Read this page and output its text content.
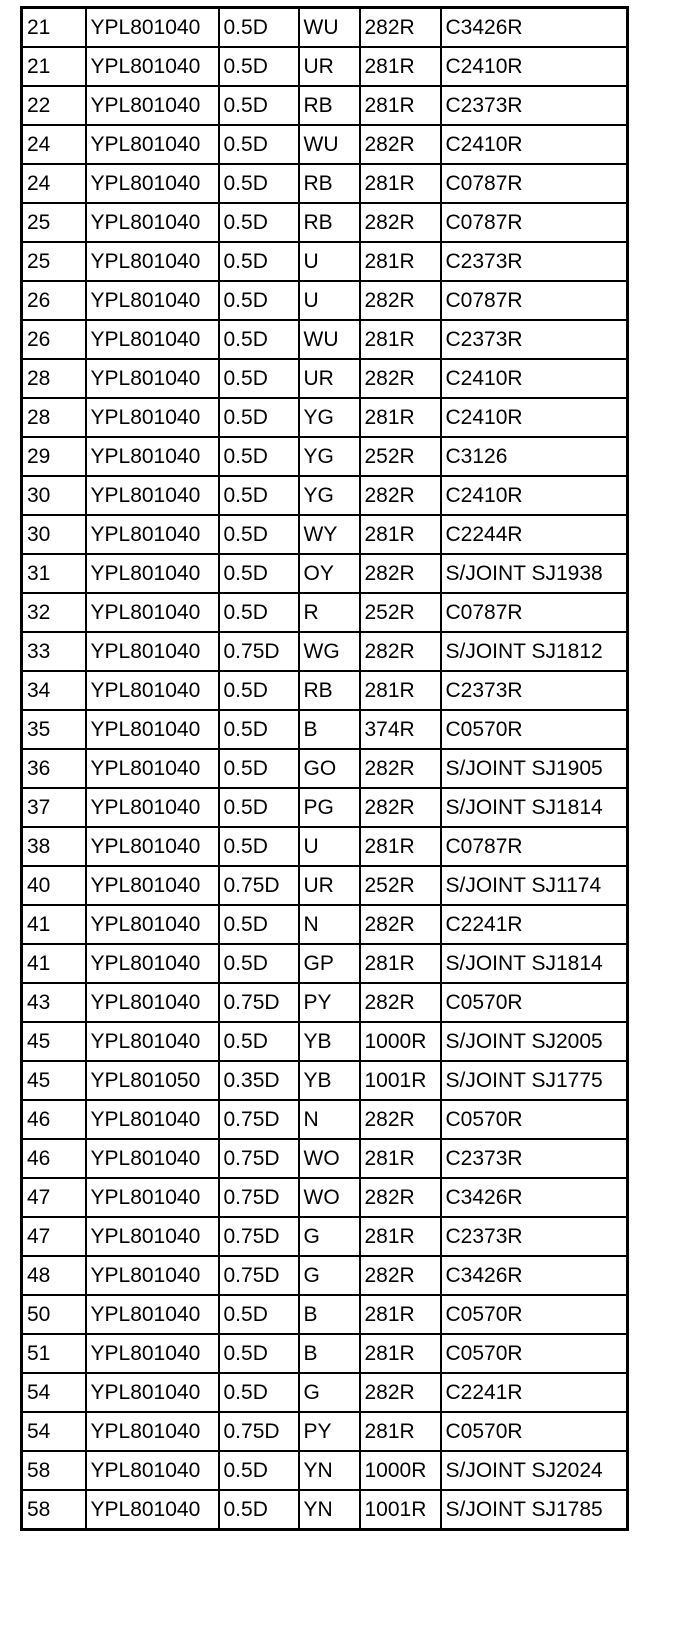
21	YPL801040	0.5D	WU	282R	C3426R
21	YPL801040	0.5D	UR	281R	C2410R
22	YPL801040	0.5D	RB	281R	C2373R
24	YPL801040	0.5D	WU	282R	C2410R
24	YPL801040	0.5D	RB	281R	C0787R
25	YPL801040	0.5D	RB	282R	C0787R
25	YPL801040	0.5D	U	281R	C2373R
26	YPL801040	0.5D	U	282R	C0787R
26	YPL801040	0.5D	WU	281R	C2373R
28	YPL801040	0.5D	UR	282R	C2410R
28	YPL801040	0.5D	YG	281R	C2410R
29	YPL801040	0.5D	YG	252R	C3126
30	YPL801040	0.5D	YG	282R	C2410R
30	YPL801040	0.5D	WY	281R	C2244R
31	YPL801040	0.5D	OY	282R	S/JOINT SJ1938
32	YPL801040	0.5D	R	252R	C0787R
33	YPL801040	0.75D	WG	282R	S/JOINT SJ1812
34	YPL801040	0.5D	RB	281R	C2373R
35	YPL801040	0.5D	B	374R	C0570R
36	YPL801040	0.5D	GO	282R	S/JOINT SJ1905
37	YPL801040	0.5D	PG	282R	S/JOINT SJ1814
38	YPL801040	0.5D	U	281R	C0787R
40	YPL801040	0.75D	UR	252R	S/JOINT SJ1174
41	YPL801040	0.5D	N	282R	C2241R
41	YPL801040	0.5D	GP	281R	S/JOINT SJ1814
43	YPL801040	0.75D	PY	282R	C0570R
45	YPL801040	0.5D	YB	1000R	S/JOINT SJ2005
45	YPL801050	0.35D	YB	1001R	S/JOINT SJ1775
46	YPL801040	0.75D	N	282R	C0570R
46	YPL801040	0.75D	WO	281R	C2373R
47	YPL801040	0.75D	WO	282R	C3426R
47	YPL801040	0.75D	G	281R	C2373R
48	YPL801040	0.75D	G	282R	C3426R
50	YPL801040	0.5D	B	281R	C0570R
51	YPL801040	0.5D	B	281R	C0570R
54	YPL801040	0.5D	G	282R	C2241R
54	YPL801040	0.75D	PY	281R	C0570R
58	YPL801040	0.5D	YN	1000R	S/JOINT SJ2024
58	YPL801040	0.5D	YN	1001R	S/JOINT SJ1785
